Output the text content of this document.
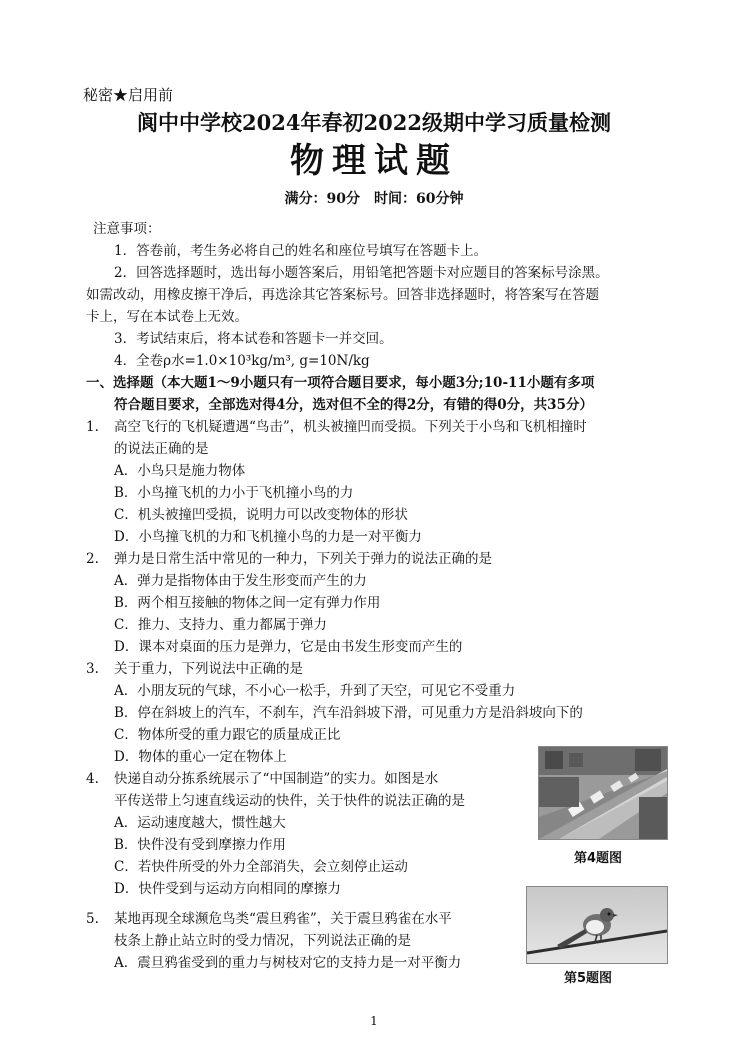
秘密★启用前
阆中中学校2024年春初2022级期中学习质量检测
物理试题
满分：90分　时间：60分钟
注意事项：
1．答卷前，考生务必将自己的姓名和座位号填写在答题卡上。
2．回答选择题时，选出每小题答案后，用铅笔把答题卡对应题目的答案标号涂黑。
如需改动，用橡皮擦干净后，再选涂其它答案标号。回答非选择题时，将答案写在答题
卡上，写在本试卷上无效。
3．考试结束后，将本试卷和答题卡一并交回。
4．全卷ρ水=1.0×10³kg/m³, g=10N/kg
一、选择题（本大题1～9小题只有一项符合题目要求，每小题3分;10-11小题有多项
符合题目要求，全部选对得4分，选对但不全的得2分，有错的得0分，共35分）
1. 高空飞行的飞机疑遭遇“鸟击”，机头被撞凹而受损。下列关于小鸟和飞机相撞时
的说法正确的是
A．小鸟只是施力物体
B．小鸟撞飞机的力小于飞机撞小鸟的力
C．机头被撞凹受损，说明力可以改变物体的形状
D．小鸟撞飞机的力和飞机撞小鸟的力是一对平衡力
2. 弹力是日常生活中常见的一种力，下列关于弹力的说法正确的是
A．弹力是指物体由于发生形变而产生的力
B．两个相互接触的物体之间一定有弹力作用
C．推力、支持力、重力都属于弹力
D．课本对桌面的压力是弹力，它是由书发生形变而产生的
3. 关于重力，下列说法中正确的是
A．小朋友玩的气球，不小心一松手，升到了天空，可见它不受重力
B．停在斜坡上的汽车，不刹车，汽车沿斜坡下滑，可见重力方是沿斜坡向下的
C．物体所受的重力跟它的质量成正比
D．物体的重心一定在物体上
4. 快递自动分拣系统展示了“中国制造”的实力。如图是水
平传送带上匀速直线运动的快件，关于快件的说法正确的是
A．运动速度越大，惯性越大
B．快件没有受到摩擦力作用
C．若快件所受的外力全部消失，会立刻停止运动
D．快件受到与运动方向相同的摩擦力
第4题图
5. 某地再现全球濒危鸟类“震旦鸦雀”，关于震旦鸦雀在水平
枝条上静止站立时的受力情况，下列说法正确的是
A．震旦鸦雀受到的重力与树枝对它的支持力是一对平衡力
第5题图
1
